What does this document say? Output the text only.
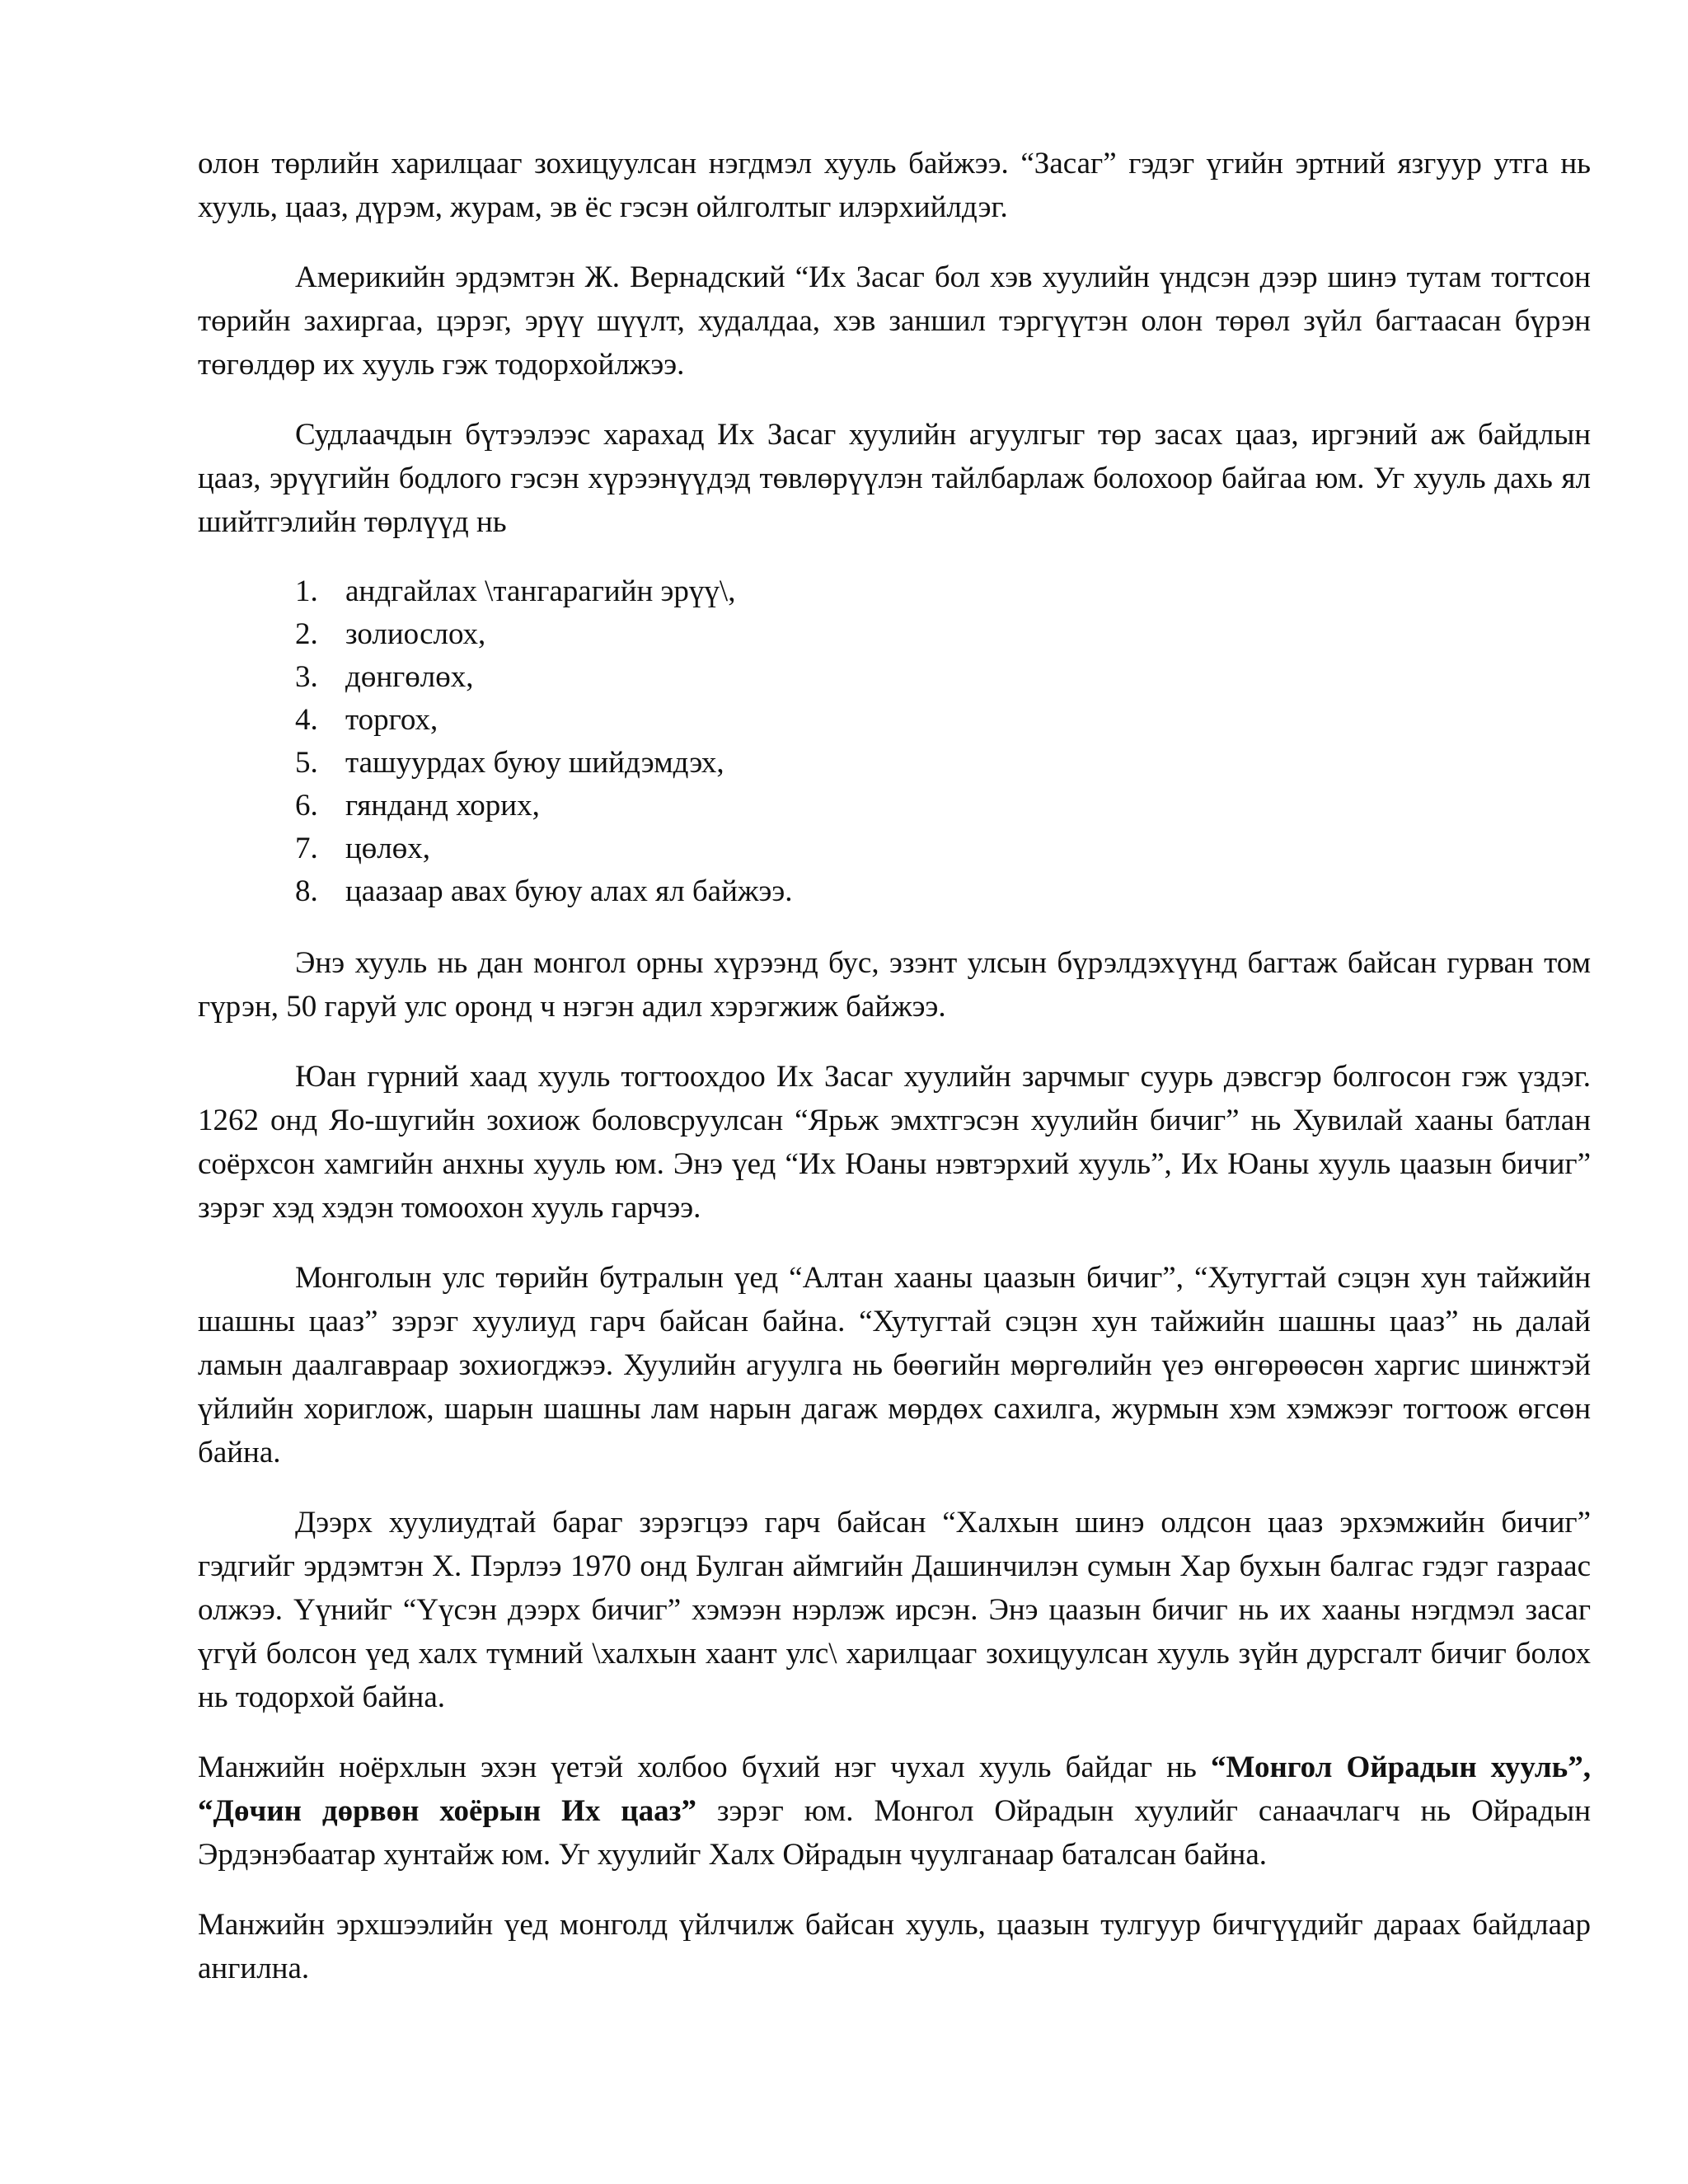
олон төрлийн харилцааг зохицуулсан нэгдмэл хууль байжээ. “Засаг” гэдэг үгийн эртний язгуур утга нь хууль, цааз, дүрэм, журам, эв ёс гэсэн ойлголтыг илэрхийлдэг.

Америкийн эрдэмтэн Ж. Вернадский “Их Засаг бол хэв хуулийн үндсэн дээр шинэ тутам тогтсон төрийн захиргаа, цэрэг, эрүү шүүлт, худалдаа, хэв заншил тэргүүтэн олон төрөл зүйл багтаасан бүрэн төгөлдөр их хууль гэж тодорхойлжээ.

Судлаачдын бүтээлээс харахад Их Засаг хуулийн агуулгыг төр засах цааз, иргэний аж байдлын цааз, эрүүгийн бодлого гэсэн хүрээнүүдэд төвлөрүүлэн тайлбарлаж болохоор байгаа юм. Уг хууль дахь ял шийтгэлийн төрлүүд нь

1. андгайлах \тангарагийн эрүү\,
2. золиослох,
3. дөнгөлөх,
4. торгох,
5. ташуурдах буюу шийдэмдэх,
6. гянданд хорих,
7. цөлөх,
8. цаазаар авах буюу алах ял байжээ.

Энэ хууль нь дан монгол орны хүрээнд бус, эзэнт улсын бүрэлдэхүүнд багтаж байсан гурван том гүрэн, 50 гаруй улс оронд ч нэгэн адил хэрэгжиж байжээ.

Юан гүрний хаад хууль тогтоохдоо Их Засаг хуулийн зарчмыг суурь дэвсгэр болгосон гэж үздэг. 1262 онд Яо-шугийн зохиож боловсруулсан “Ярьж эмхтгэсэн хуулийн бичиг” нь Хувилай хааны батлан соёрхсон хамгийн анхны хууль юм. Энэ үед “Их Юаны нэвтэрхий хууль”, Их Юаны хууль цаазын бичиг” зэрэг хэд хэдэн томоохон хууль гарчээ.

Монголын улс төрийн бутралын үед “Алтан хааны цаазын бичиг”, “Хутугтай сэцэн хун тайжийн шашны цааз” зэрэг хуулиуд гарч байсан байна. “Хутугтай сэцэн хун тайжийн шашны цааз” нь далай ламын даалгавраар зохиогджээ. Хуулийн агуулга нь бөөгийн мөргөлийн үеэ өнгөрөөсөн харгис шинжтэй үйлийн хориглож, шарын шашны лам нарын дагаж мөрдөх сахилга, журмын хэм хэмжээг тогтоож өгсөн байна.

Дээрх хуулиудтай бараг зэрэгцээ гарч байсан “Халхын шинэ олдсон цааз эрхэмжийн бичиг” гэдгийг эрдэмтэн Х. Пэрлээ 1970 онд Булган аймгийн Дашинчилэн сумын Хар бухын балгас гэдэг газраас олжээ. Үүнийг “Үүсэн дээрх бичиг” хэмээн нэрлэж ирсэн. Энэ цаазын бичиг нь их хааны нэгдмэл засаг үгүй болсон үед халх түмний \халхын хаант улс\ харилцааг зохицуулсан хууль зүйн дурсгалт бичиг болох нь тодорхой байна.

Манжийн ноёрхлын эхэн үетэй холбоо бүхий нэг чухал хууль байдаг нь “Монгол Ойрадын хууль”, “Дөчин дөрвөн хоёрын Их цааз” зэрэг юм. Монгол Ойрадын хуулийг санаачлагч нь Ойрадын Эрдэнэбаатар хунтайж юм. Уг хуулийг Халх Ойрадын чуулганаар баталсан байна.

Манжийн эрхшээлийн үед монголд үйлчилж байсан хууль, цаазын тулгуур бичгүүдийг дараах байдлаар ангилна.
